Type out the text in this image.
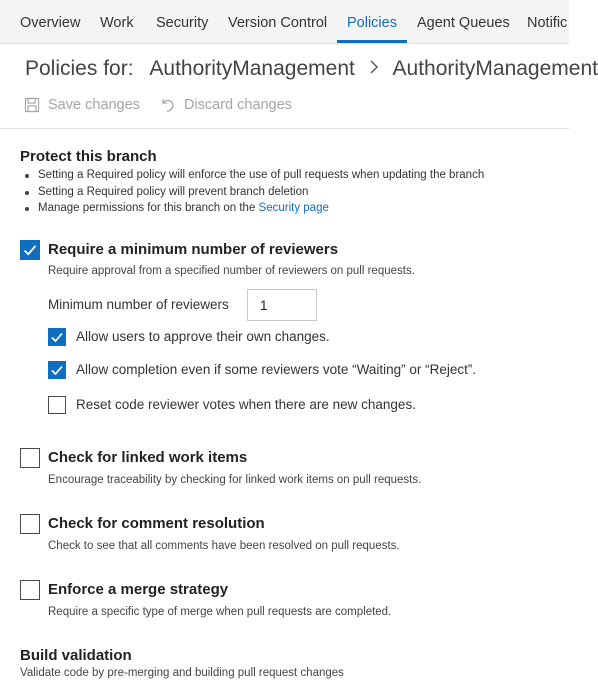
Overview Work Security Version Control Policies Agent Queues Notific
Policies for: AuthorityManagement AuthorityManagement
Save changes
	Discard changes
Protect this branch
Setting a Required policy will enforce the use of pull requests when updating the branch
Setting a Required policy will prevent branch deletion
Manage permissions for this branch on the Security page
Require a minimum number of reviewers
Require approval from a specified number of reviewers on pull requests.
Minimum number of reviewers
1
Allow users to approve their own changes.
Allow completion even if some reviewers vote “Waiting” or “Reject”.
Reset code reviewer votes when there are new changes.
Check for linked work items
Encourage traceability by checking for linked work items on pull requests.
Check for comment resolution
Check to see that all comments have been resolved on pull requests.
Enforce a merge strategy
Require a specific type of merge when pull requests are completed.
Build validation
Validate code by pre-merging and building pull request changes
